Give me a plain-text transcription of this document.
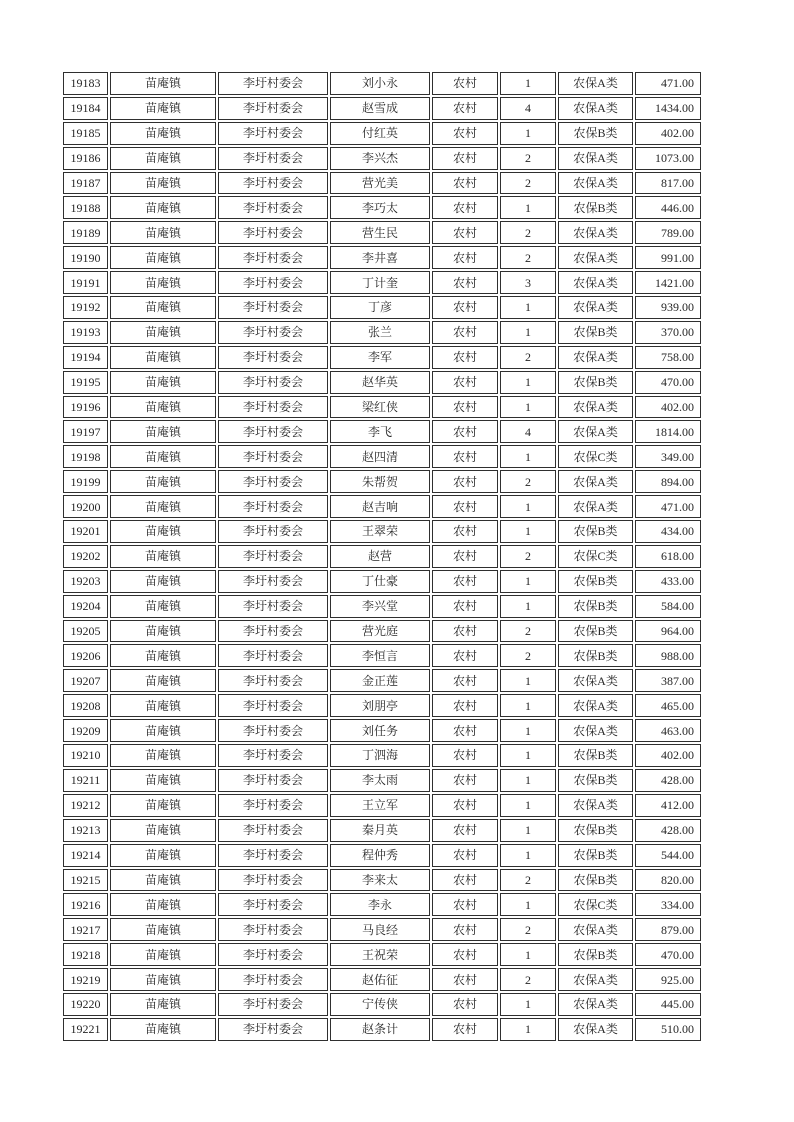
19183	苗庵镇	李圩村委会	刘小永	农村	1	农保A类	471.00
19184	苗庵镇	李圩村委会	赵雪成	农村	4	农保A类	1434.00
19185	苗庵镇	李圩村委会	付红英	农村	1	农保B类	402.00
19186	苗庵镇	李圩村委会	李兴杰	农村	2	农保A类	1073.00
19187	苗庵镇	李圩村委会	营光美	农村	2	农保A类	817.00
19188	苗庵镇	李圩村委会	李巧太	农村	1	农保B类	446.00
19189	苗庵镇	李圩村委会	营生民	农村	2	农保A类	789.00
19190	苗庵镇	李圩村委会	李井喜	农村	2	农保A类	991.00
19191	苗庵镇	李圩村委会	丁计奎	农村	3	农保A类	1421.00
19192	苗庵镇	李圩村委会	丁彦	农村	1	农保A类	939.00
19193	苗庵镇	李圩村委会	张兰	农村	1	农保B类	370.00
19194	苗庵镇	李圩村委会	李军	农村	2	农保A类	758.00
19195	苗庵镇	李圩村委会	赵华英	农村	1	农保B类	470.00
19196	苗庵镇	李圩村委会	梁红侠	农村	1	农保A类	402.00
19197	苗庵镇	李圩村委会	李飞	农村	4	农保A类	1814.00
19198	苗庵镇	李圩村委会	赵四清	农村	1	农保C类	349.00
19199	苗庵镇	李圩村委会	朱帮贺	农村	2	农保A类	894.00
19200	苗庵镇	李圩村委会	赵吉响	农村	1	农保A类	471.00
19201	苗庵镇	李圩村委会	王翠荣	农村	1	农保B类	434.00
19202	苗庵镇	李圩村委会	赵营	农村	2	农保C类	618.00
19203	苗庵镇	李圩村委会	丁仕豪	农村	1	农保B类	433.00
19204	苗庵镇	李圩村委会	李兴堂	农村	1	农保B类	584.00
19205	苗庵镇	李圩村委会	营光庭	农村	2	农保B类	964.00
19206	苗庵镇	李圩村委会	李恒言	农村	2	农保B类	988.00
19207	苗庵镇	李圩村委会	金正莲	农村	1	农保A类	387.00
19208	苗庵镇	李圩村委会	刘朋亭	农村	1	农保A类	465.00
19209	苗庵镇	李圩村委会	刘任务	农村	1	农保A类	463.00
19210	苗庵镇	李圩村委会	丁泗海	农村	1	农保B类	402.00
19211	苗庵镇	李圩村委会	李太雨	农村	1	农保B类	428.00
19212	苗庵镇	李圩村委会	王立军	农村	1	农保A类	412.00
19213	苗庵镇	李圩村委会	秦月英	农村	1	农保B类	428.00
19214	苗庵镇	李圩村委会	程仲秀	农村	1	农保B类	544.00
19215	苗庵镇	李圩村委会	李来太	农村	2	农保B类	820.00
19216	苗庵镇	李圩村委会	李永	农村	1	农保C类	334.00
19217	苗庵镇	李圩村委会	马良经	农村	2	农保A类	879.00
19218	苗庵镇	李圩村委会	王祝荣	农村	1	农保B类	470.00
19219	苗庵镇	李圩村委会	赵佑征	农村	2	农保A类	925.00
19220	苗庵镇	李圩村委会	宁传侠	农村	1	农保A类	445.00
19221	苗庵镇	李圩村委会	赵条计	农村	1	农保A类	510.00
